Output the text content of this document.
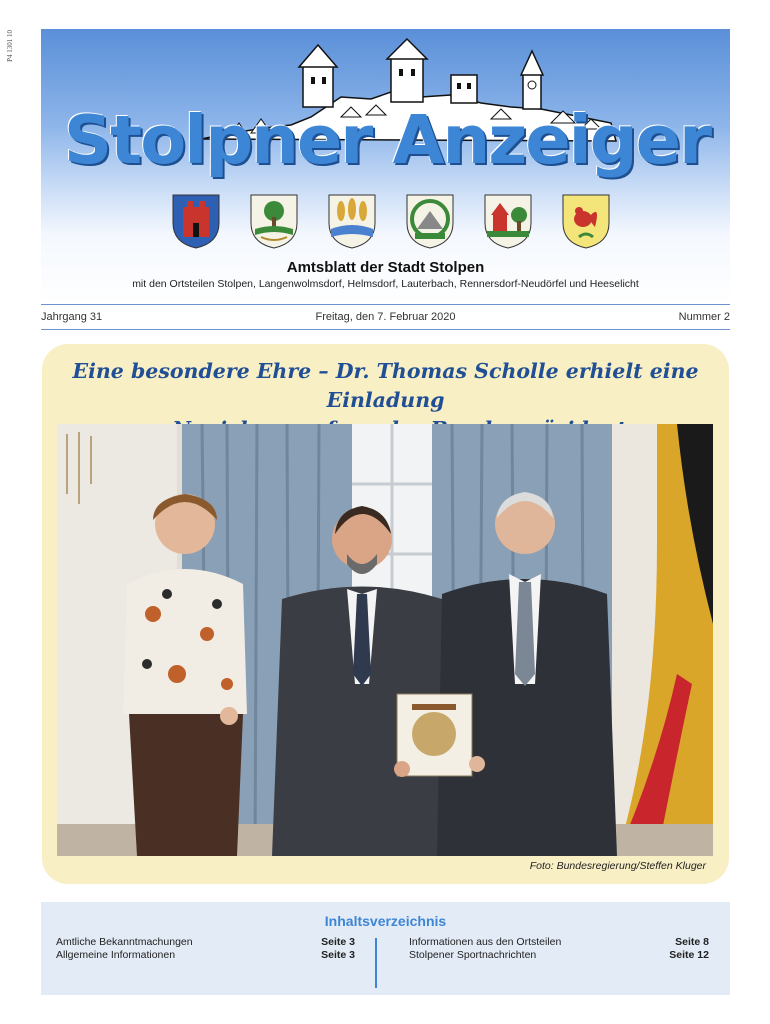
P4 1301 10
Stolpner Anzeiger

Amtsblatt der Stadt Stolpen

mit den Ortsteilen Stolpen, Langenwolmsdorf, Helmsdorf, Lauterbach, Rennersdorf-Neudörfel und Heeselicht

Jahrgang 31	Freitag, den 7. Februar 2020	Nummer 2
Eine besondere Ehre – Dr. Thomas Scholle erhielt eine Einladung

Foto: Bundesregierung/Steffen Kluger
Inhaltsverzeichnis
Amtliche Bekanntmachungen	Seite 3
Allgemeine Informationen	Seite 3
Informationen aus den Ortsteilen	Seite 8
Stolpener Sportnachrichten	Seite 12
